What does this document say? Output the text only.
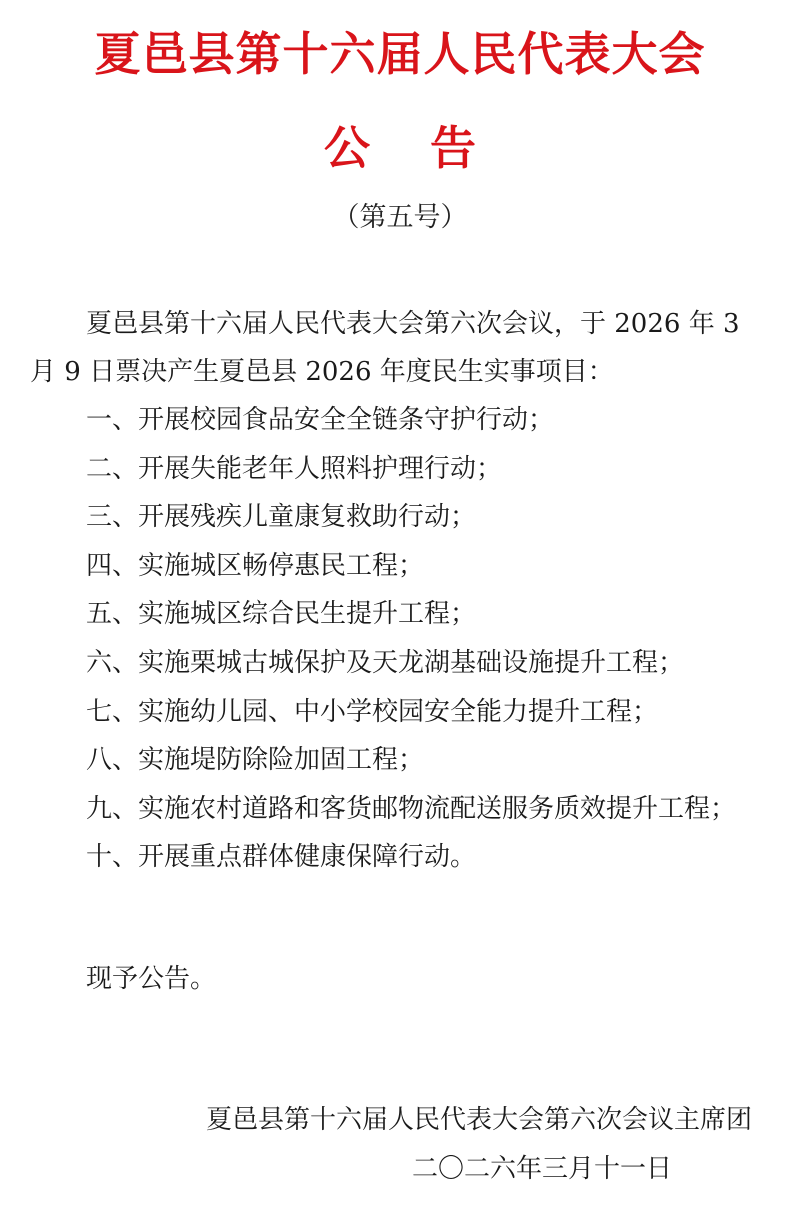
夏邑县第十六届人民代表大会
公告
（第五号）
夏邑县第十六届人民代表大会第六次会议，于 2026 年 3 月 9 日票决产生夏邑县 2026 年度民生实事项目：
一、开展校园食品安全全链条守护行动；
二、开展失能老年人照料护理行动；
三、开展残疾儿童康复救助行动；
四、实施城区畅停惠民工程；
五、实施城区综合民生提升工程；
六、实施栗城古城保护及天龙湖基础设施提升工程；
七、实施幼儿园、中小学校园安全能力提升工程；
八、实施堤防除险加固工程；
九、实施农村道路和客货邮物流配送服务质效提升工程；
十、开展重点群体健康保障行动。
现予公告。
夏邑县第十六届人民代表大会第六次会议主席团
二〇二六年三月十一日
